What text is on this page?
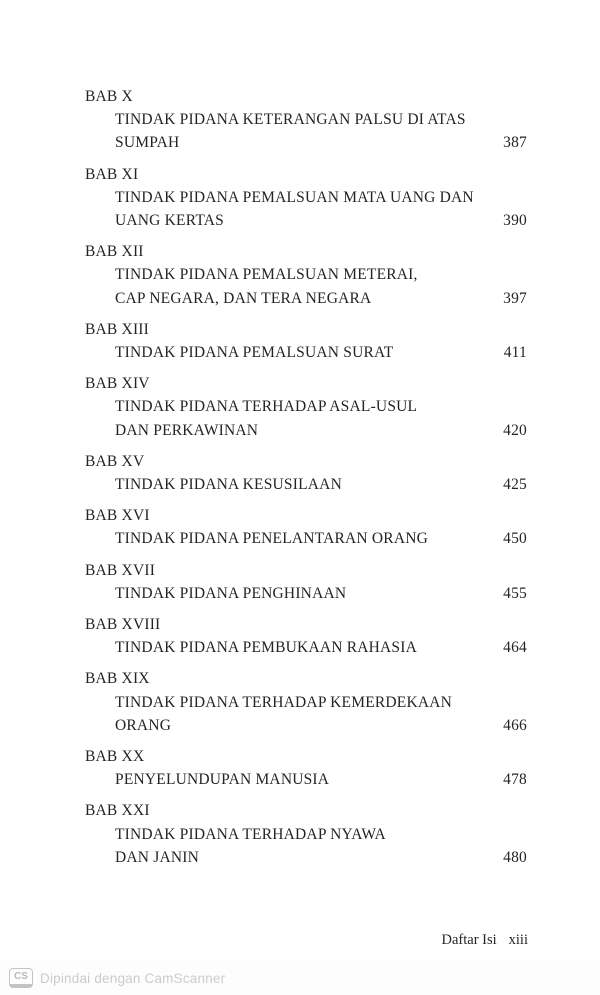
BAB X
TINDAK PIDANA KETERANGAN PALSU DI ATAS
SUMPAH	387
BAB XI
TINDAK PIDANA PEMALSUAN MATA UANG DAN
UANG KERTAS	390
BAB XII
TINDAK PIDANA PEMALSUAN METERAI,
CAP NEGARA, DAN TERA NEGARA	397
BAB XIII
TINDAK PIDANA PEMALSUAN SURAT	411
BAB XIV
TINDAK PIDANA TERHADAP ASAL-USUL
DAN PERKAWINAN	420
BAB XV
TINDAK PIDANA KESUSILAAN	425
BAB XVI
TINDAK PIDANA PENELANTARAN ORANG	450
BAB XVII
TINDAK PIDANA PENGHINAAN	455
BAB XVIII
TINDAK PIDANA PEMBUKAAN RAHASIA	464
BAB XIX
TINDAK PIDANA TERHADAP KEMERDEKAAN
ORANG	466
BAB XX
PENYELUNDUPAN MANUSIA	478
BAB XXI
TINDAK PIDANA TERHADAP NYAWA
DAN JANIN	480
Daftar Isi xiii
CS Dipindai dengan CamScanner
